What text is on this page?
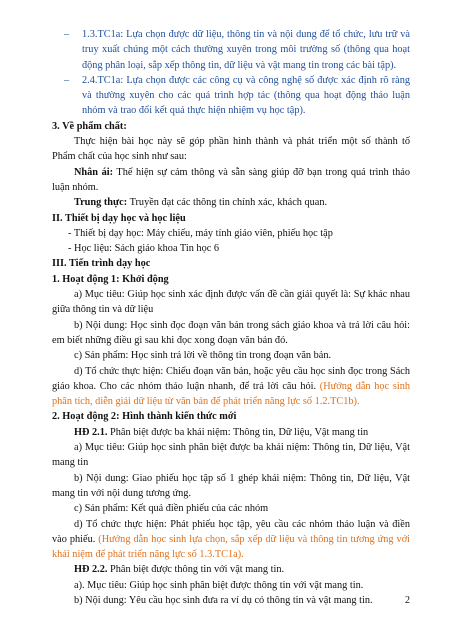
– 1.3.TC1a: Lựa chọn được dữ liệu, thông tin và nội dung để tổ chức, lưu trữ và truy xuất chúng một cách thường xuyên trong môi trường số (thông qua hoạt động phân loại, sắp xếp thông tin, dữ liệu và vật mang tin trong các bài tập).

– 2.4.TC1a: Lựa chọn được các công cụ và công nghệ số được xác định rõ ràng và thường xuyên cho các quá trình hợp tác (thông qua hoạt động thảo luận nhóm và trao đổi kết quả thực hiện nhiệm vụ học tập).

3. Về phẩm chất:

Thực hiện bài học này sẽ góp phần hình thành và phát triển một số thành tố Phẩm chất của học sinh như sau:

Nhân ái: Thể hiện sự cảm thông và sẵn sàng giúp đỡ bạn trong quá trình thảo luận nhóm.

Trung thực: Truyền đạt các thông tin chính xác, khách quan.

II. Thiết bị dạy học và học liệu

- Thiết bị dạy học: Máy chiếu, máy tính giáo viên, phiếu học tập

- Học liệu: Sách giáo khoa Tin học 6

III. Tiến trình dạy học

1. Hoạt động 1: Khởi động

a) Mục tiêu: Giúp học sinh xác định được vấn đề cần giải quyết là: Sự khác nhau giữa thông tin và dữ liệu

b) Nội dung: Học sinh đọc đoạn văn bản trong sách giáo khoa và trả lời câu hỏi: em biết những điều gì sau khi đọc xong đoạn văn bản đó.

c) Sản phẩm: Học sinh trả lời về thông tin trong đoạn văn bản.

d) Tổ chức thực hiện: Chiếu đoạn văn bản, hoặc yêu cầu học sinh đọc trong Sách giáo khoa. Cho các nhóm thảo luận nhanh, để trả lời câu hỏi. (Hướng dẫn học sinh phân tích, diễn giải dữ liệu từ văn bản để phát triển năng lực số 1.2.TC1b).

2. Hoạt động 2: Hình thành kiến thức mới

HĐ 2.1. Phân biệt được ba khái niệm: Thông tin, Dữ liệu, Vật mang tin

a) Mục tiêu: Giúp học sinh phân biệt được ba khái niệm: Thông tin, Dữ liệu, Vật mang tin

b) Nội dung: Giao phiếu học tập số 1 ghép khái niệm: Thông tin, Dữ liệu, Vật mang tin với nội dung tương ứng.

c) Sản phẩm: Kết quả điền phiếu của các nhóm

d) Tổ chức thực hiện: Phát phiếu học tập, yêu cầu các nhóm thảo luận và điền vào phiếu. (Hướng dẫn học sinh lựa chọn, sắp xếp dữ liệu và thông tin tương ứng với khái niệm để phát triển năng lực số 1.3.TC1a).

HĐ 2.2. Phân biệt được thông tin với vật mang tin.

a). Mục tiêu: Giúp học sinh phân biệt được thông tin với vật mang tin.

b) Nội dung: Yêu cầu học sinh đưa ra ví dụ có thông tin và vật mang tin.	2
